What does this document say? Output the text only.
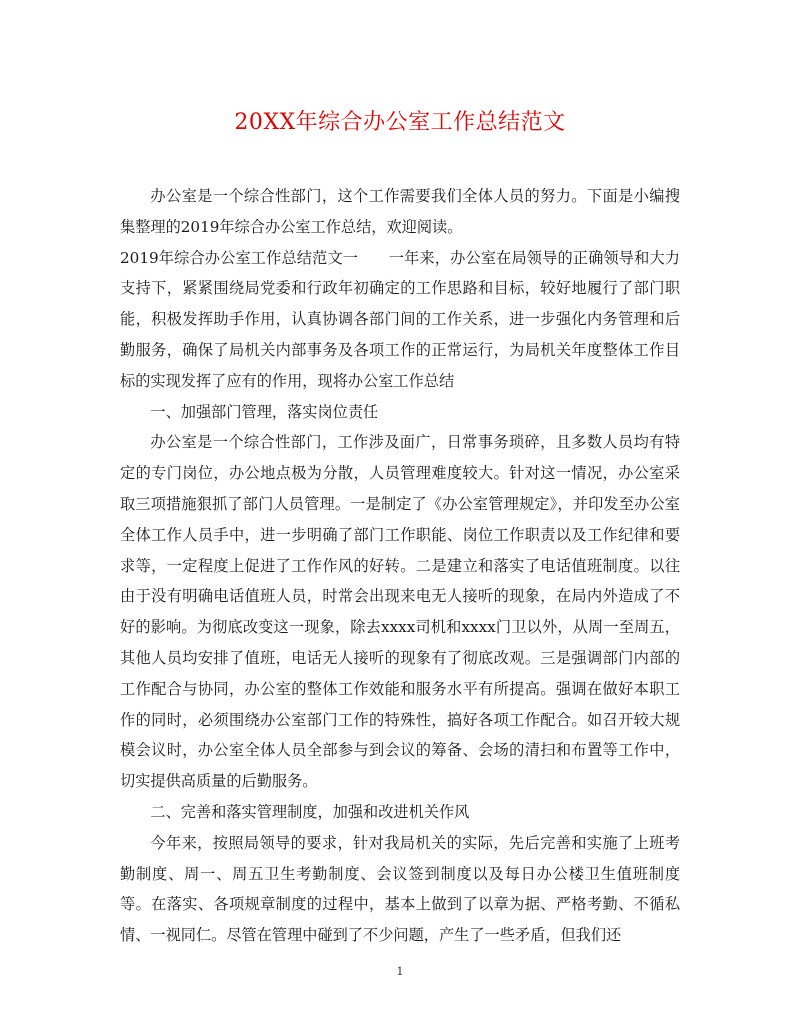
20XX年综合办公室工作总结范文

办公室是一个综合性部门，这个工作需要我们全体人员的努力。下面是小编搜集整理的2019年综合办公室工作总结，欢迎阅读。

2019年综合办公室工作总结范文一　　一年来，办公室在局领导的正确领导和大力支持下，紧紧围绕局党委和行政年初确定的工作思路和目标，较好地履行了部门职能，积极发挥助手作用，认真协调各部门间的工作关系，进一步强化内务管理和后勤服务，确保了局机关内部事务及各项工作的正常运行，为局机关年度整体工作目标的实现发挥了应有的作用，现将办公室工作总结

一、加强部门管理，落实岗位责任

办公室是一个综合性部门，工作涉及面广，日常事务琐碎，且多数人员均有特定的专门岗位，办公地点极为分散，人员管理难度较大。针对这一情况，办公室采取三项措施狠抓了部门人员管理。一是制定了《办公室管理规定》，并印发至办公室全体工作人员手中，进一步明确了部门工作职能、岗位工作职责以及工作纪律和要求等，一定程度上促进了工作作风的好转。二是建立和落实了电话值班制度。以往由于没有明确电话值班人员，时常会出现来电无人接听的现象，在局内外造成了不好的影响。为彻底改变这一现象，除去xxxx司机和xxxx门卫以外，从周一至周五，其他人员均安排了值班，电话无人接听的现象有了彻底改观。三是强调部门内部的工作配合与协同，办公室的整体工作效能和服务水平有所提高。强调在做好本职工作的同时，必须围绕办公室部门工作的特殊性，搞好各项工作配合。如召开较大规模会议时，办公室全体人员全部参与到会议的筹备、会场的清扫和布置等工作中，切实提供高质量的后勤服务。

二、完善和落实管理制度，加强和改进机关作风

今年来，按照局领导的要求，针对我局机关的实际，先后完善和实施了上班考勤制度、周一、周五卫生考勤制度、会议签到制度以及每日办公楼卫生值班制度等。在落实、各项规章制度的过程中，基本上做到了以章为据、严格考勤、不循私情、一视同仁。尽管在管理中碰到了不少问题，产生了一些矛盾，但我们还

1
